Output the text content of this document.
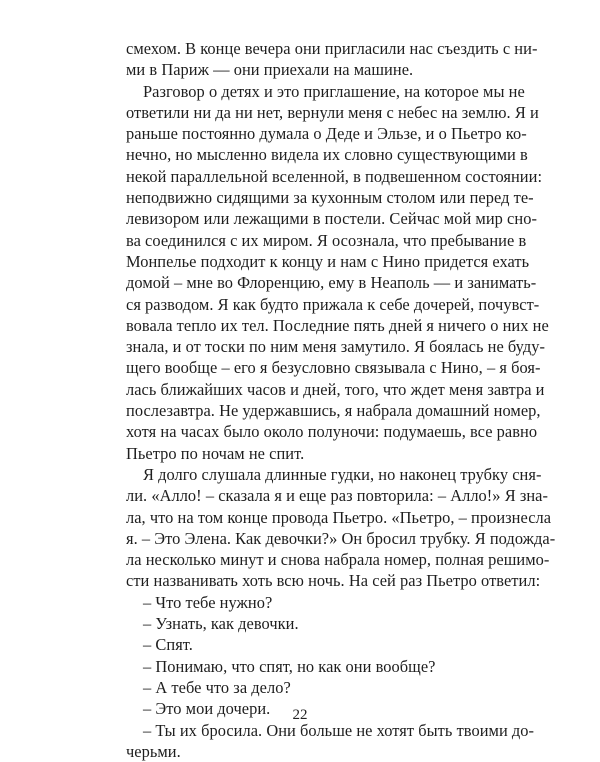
смехом. В конце вечера они пригласили нас съездить с ни-
ми в Париж — они приехали на машине.
Разговор о детях и это приглашение, на которое мы не
ответили ни да ни нет, вернули меня с небес на землю. Я и
раньше постоянно думала о Деде и Эльзе, и о Пьетро ко-
нечно, но мысленно видела их словно существующими в
некой параллельной вселенной, в подвешенном состоянии:
неподвижно сидящими за кухонным столом или перед те-
левизором или лежащими в постели. Сейчас мой мир сно-
ва соединился с их миром. Я осознала, что пребывание в
Монпелье подходит к концу и нам с Нино придется ехать
домой – мне во Флоренцию, ему в Неаполь — и занимать-
ся разводом. Я как будто прижала к себе дочерей, почувст-
вовала тепло их тел. Последние пять дней я ничего о них не
знала, и от тоски по ним меня замутило. Я боялась не буду-
щего вообще – его я безусловно связывала с Нино, – я боя-
лась ближайших часов и дней, того, что ждет меня завтра и
послезавтра. Не удержавшись, я набрала домашний номер,
хотя на часах было около полуночи: подумаешь, все равно
Пьетро по ночам не спит.
Я долго слушала длинные гудки, но наконец трубку сня-
ли. «Алло! – сказала я и еще раз повторила: – Алло!» Я зна-
ла, что на том конце провода Пьетро. «Пьетро, – произнесла
я. – Это Элена. Как девочки?» Он бросил трубку. Я подожда-
ла несколько минут и снова набрала номер, полная решимо-
сти названивать хоть всю ночь. На сей раз Пьетро ответил:
– Что тебе нужно?
– Узнать, как девочки.
– Спят.
– Понимаю, что спят, но как они вообще?
– А тебе что за дело?
– Это мои дочери.
– Ты их бросила. Они больше не хотят быть твоими до-
черьми.
22
